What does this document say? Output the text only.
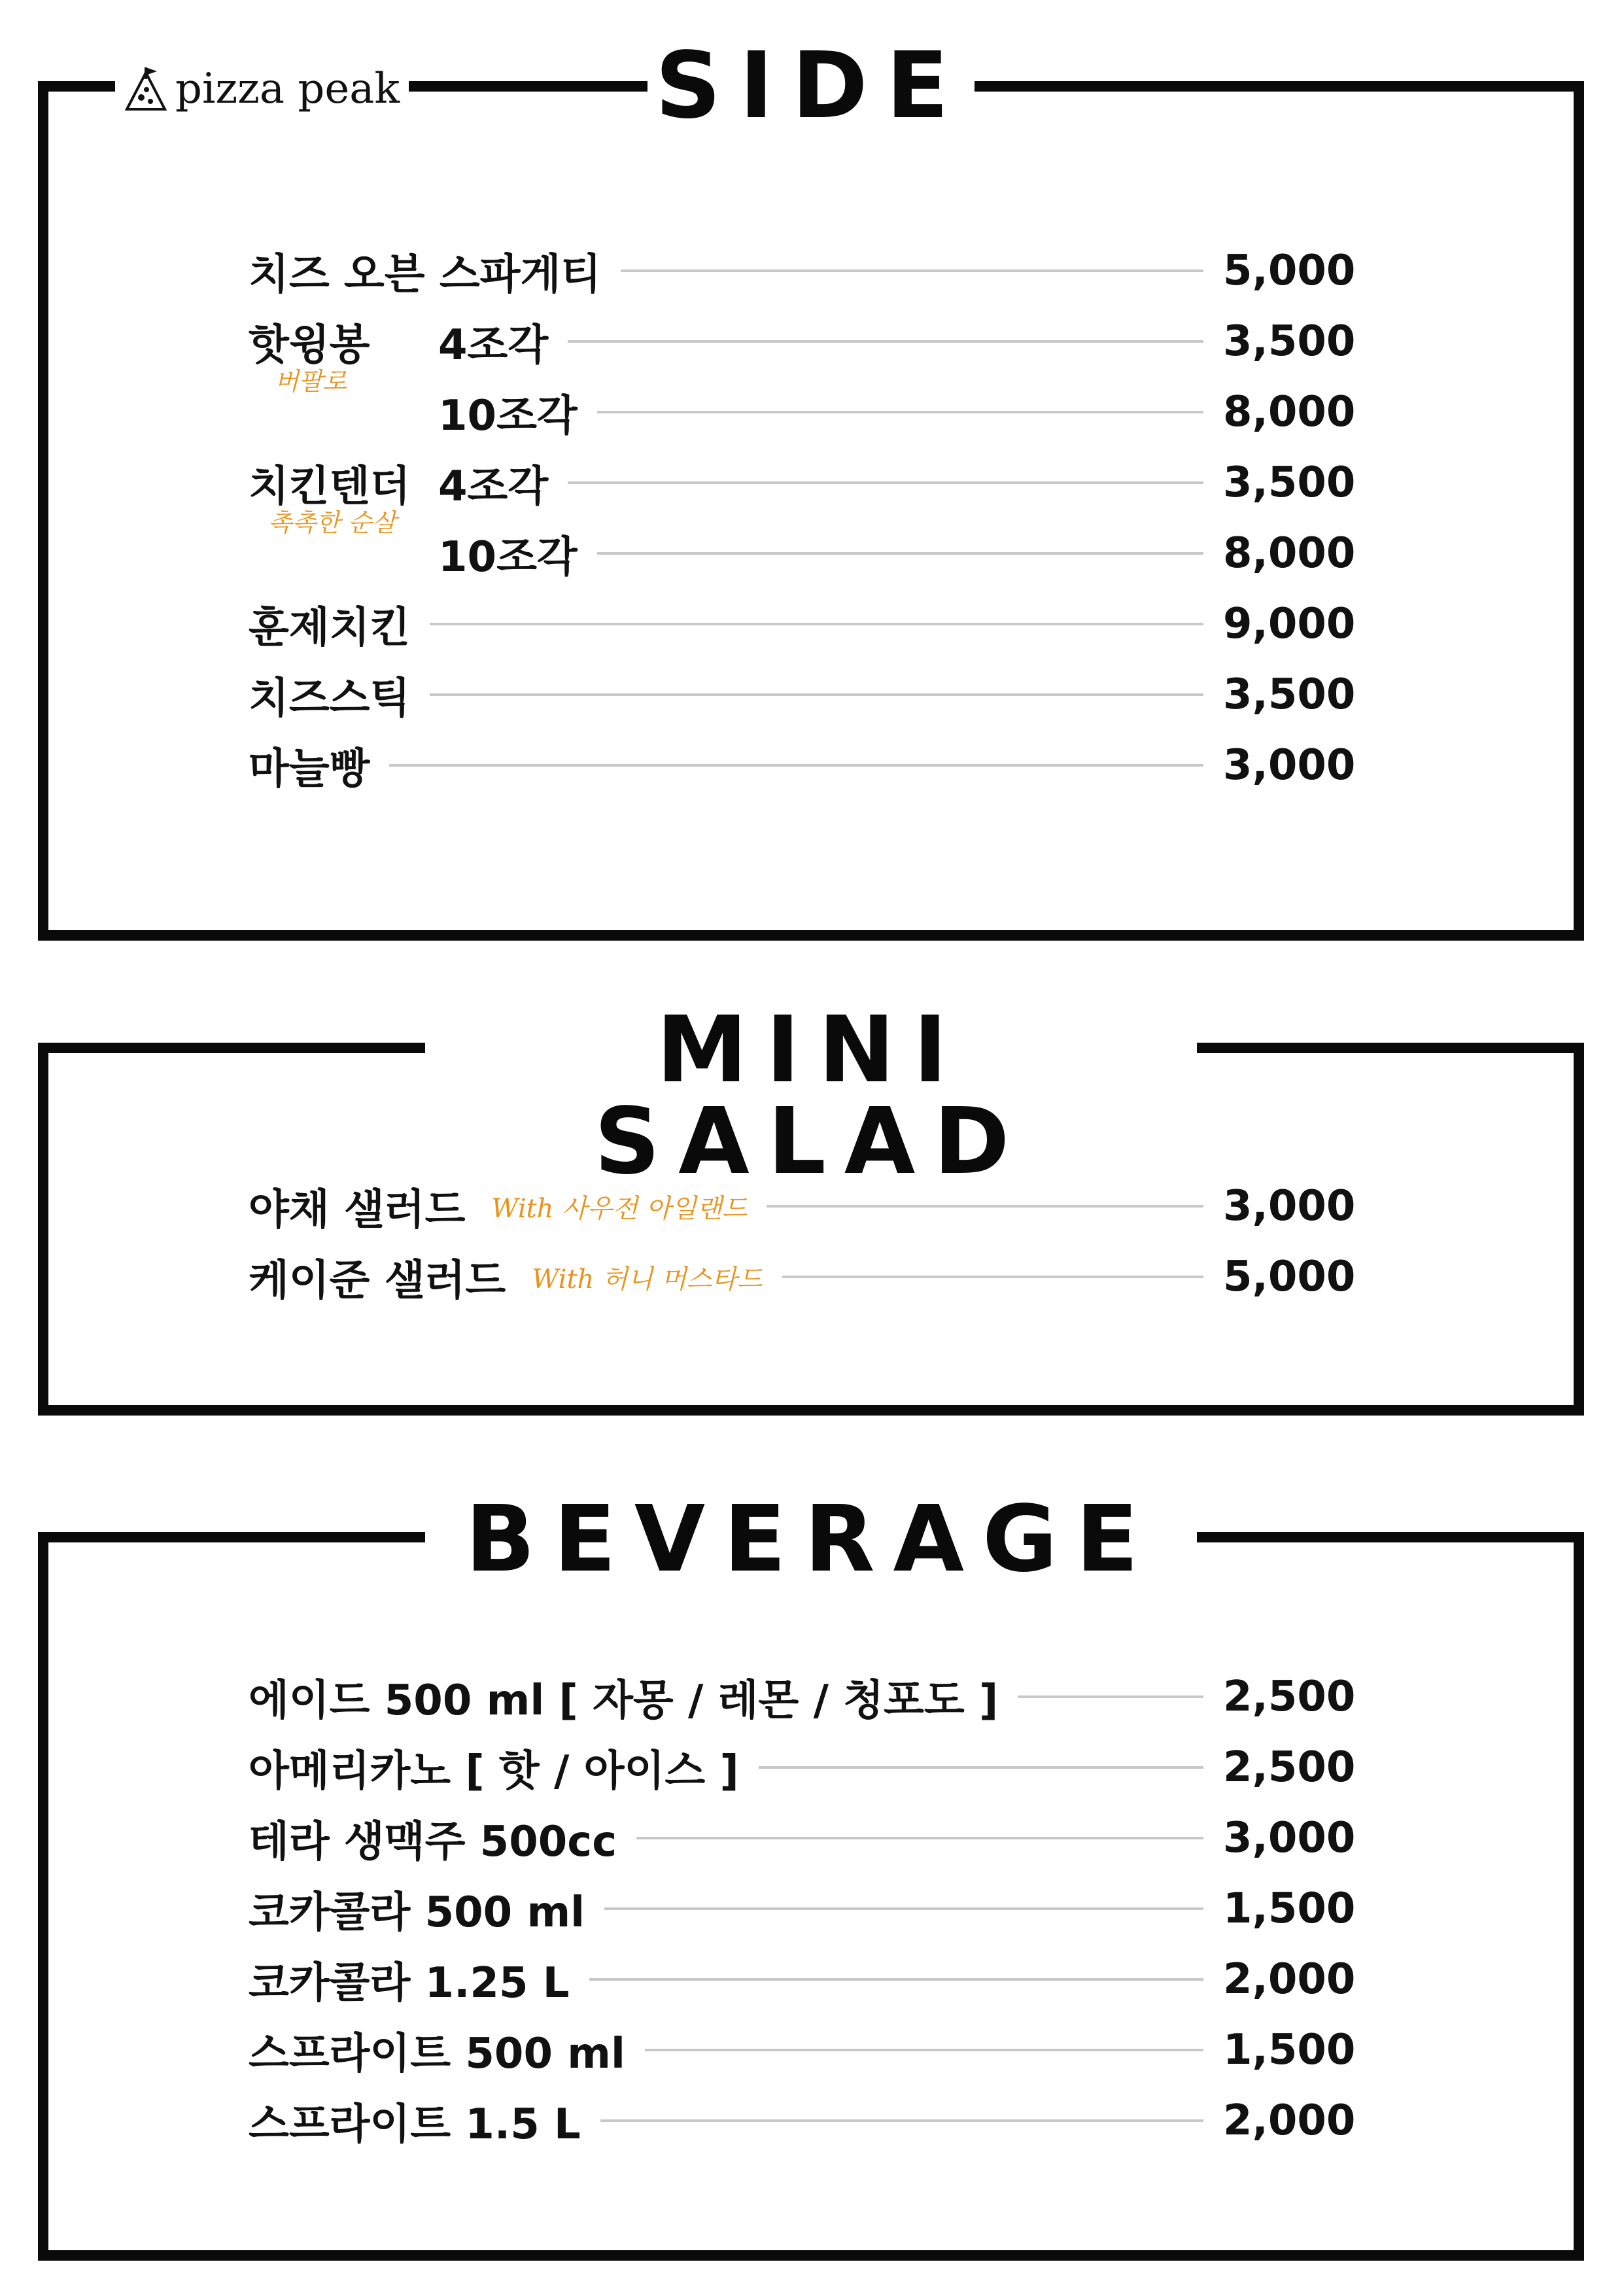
pizza peak	SIDE
치즈 오븐 스파게티	5,000
핫윙봉	4조각	3,500
버팔로
10조각	8,000
치킨텐더 4조각	3,500
촉촉한 순살
10조각	8,000
훈제치킨	9,000
치즈스틱	3,500
마늘빵	3,000
MINI SALAD
야채 샐러드 With 사우전 아일랜드	3,000
케이준 샐러드 With 허니 머스타드	5,000
BEVERAGE
에이드 500 ml [ 자몽 / 레몬 / 청포도 ]	2,500
아메리카노 [ 핫 / 아이스 ]	2,500
테라 생맥주 500cc	3,000
코카콜라 500 ml	1,500
코카콜라 1.25 L	2,000
스프라이트 500 ml	1,500
스프라이트 1.5 L	2,000
